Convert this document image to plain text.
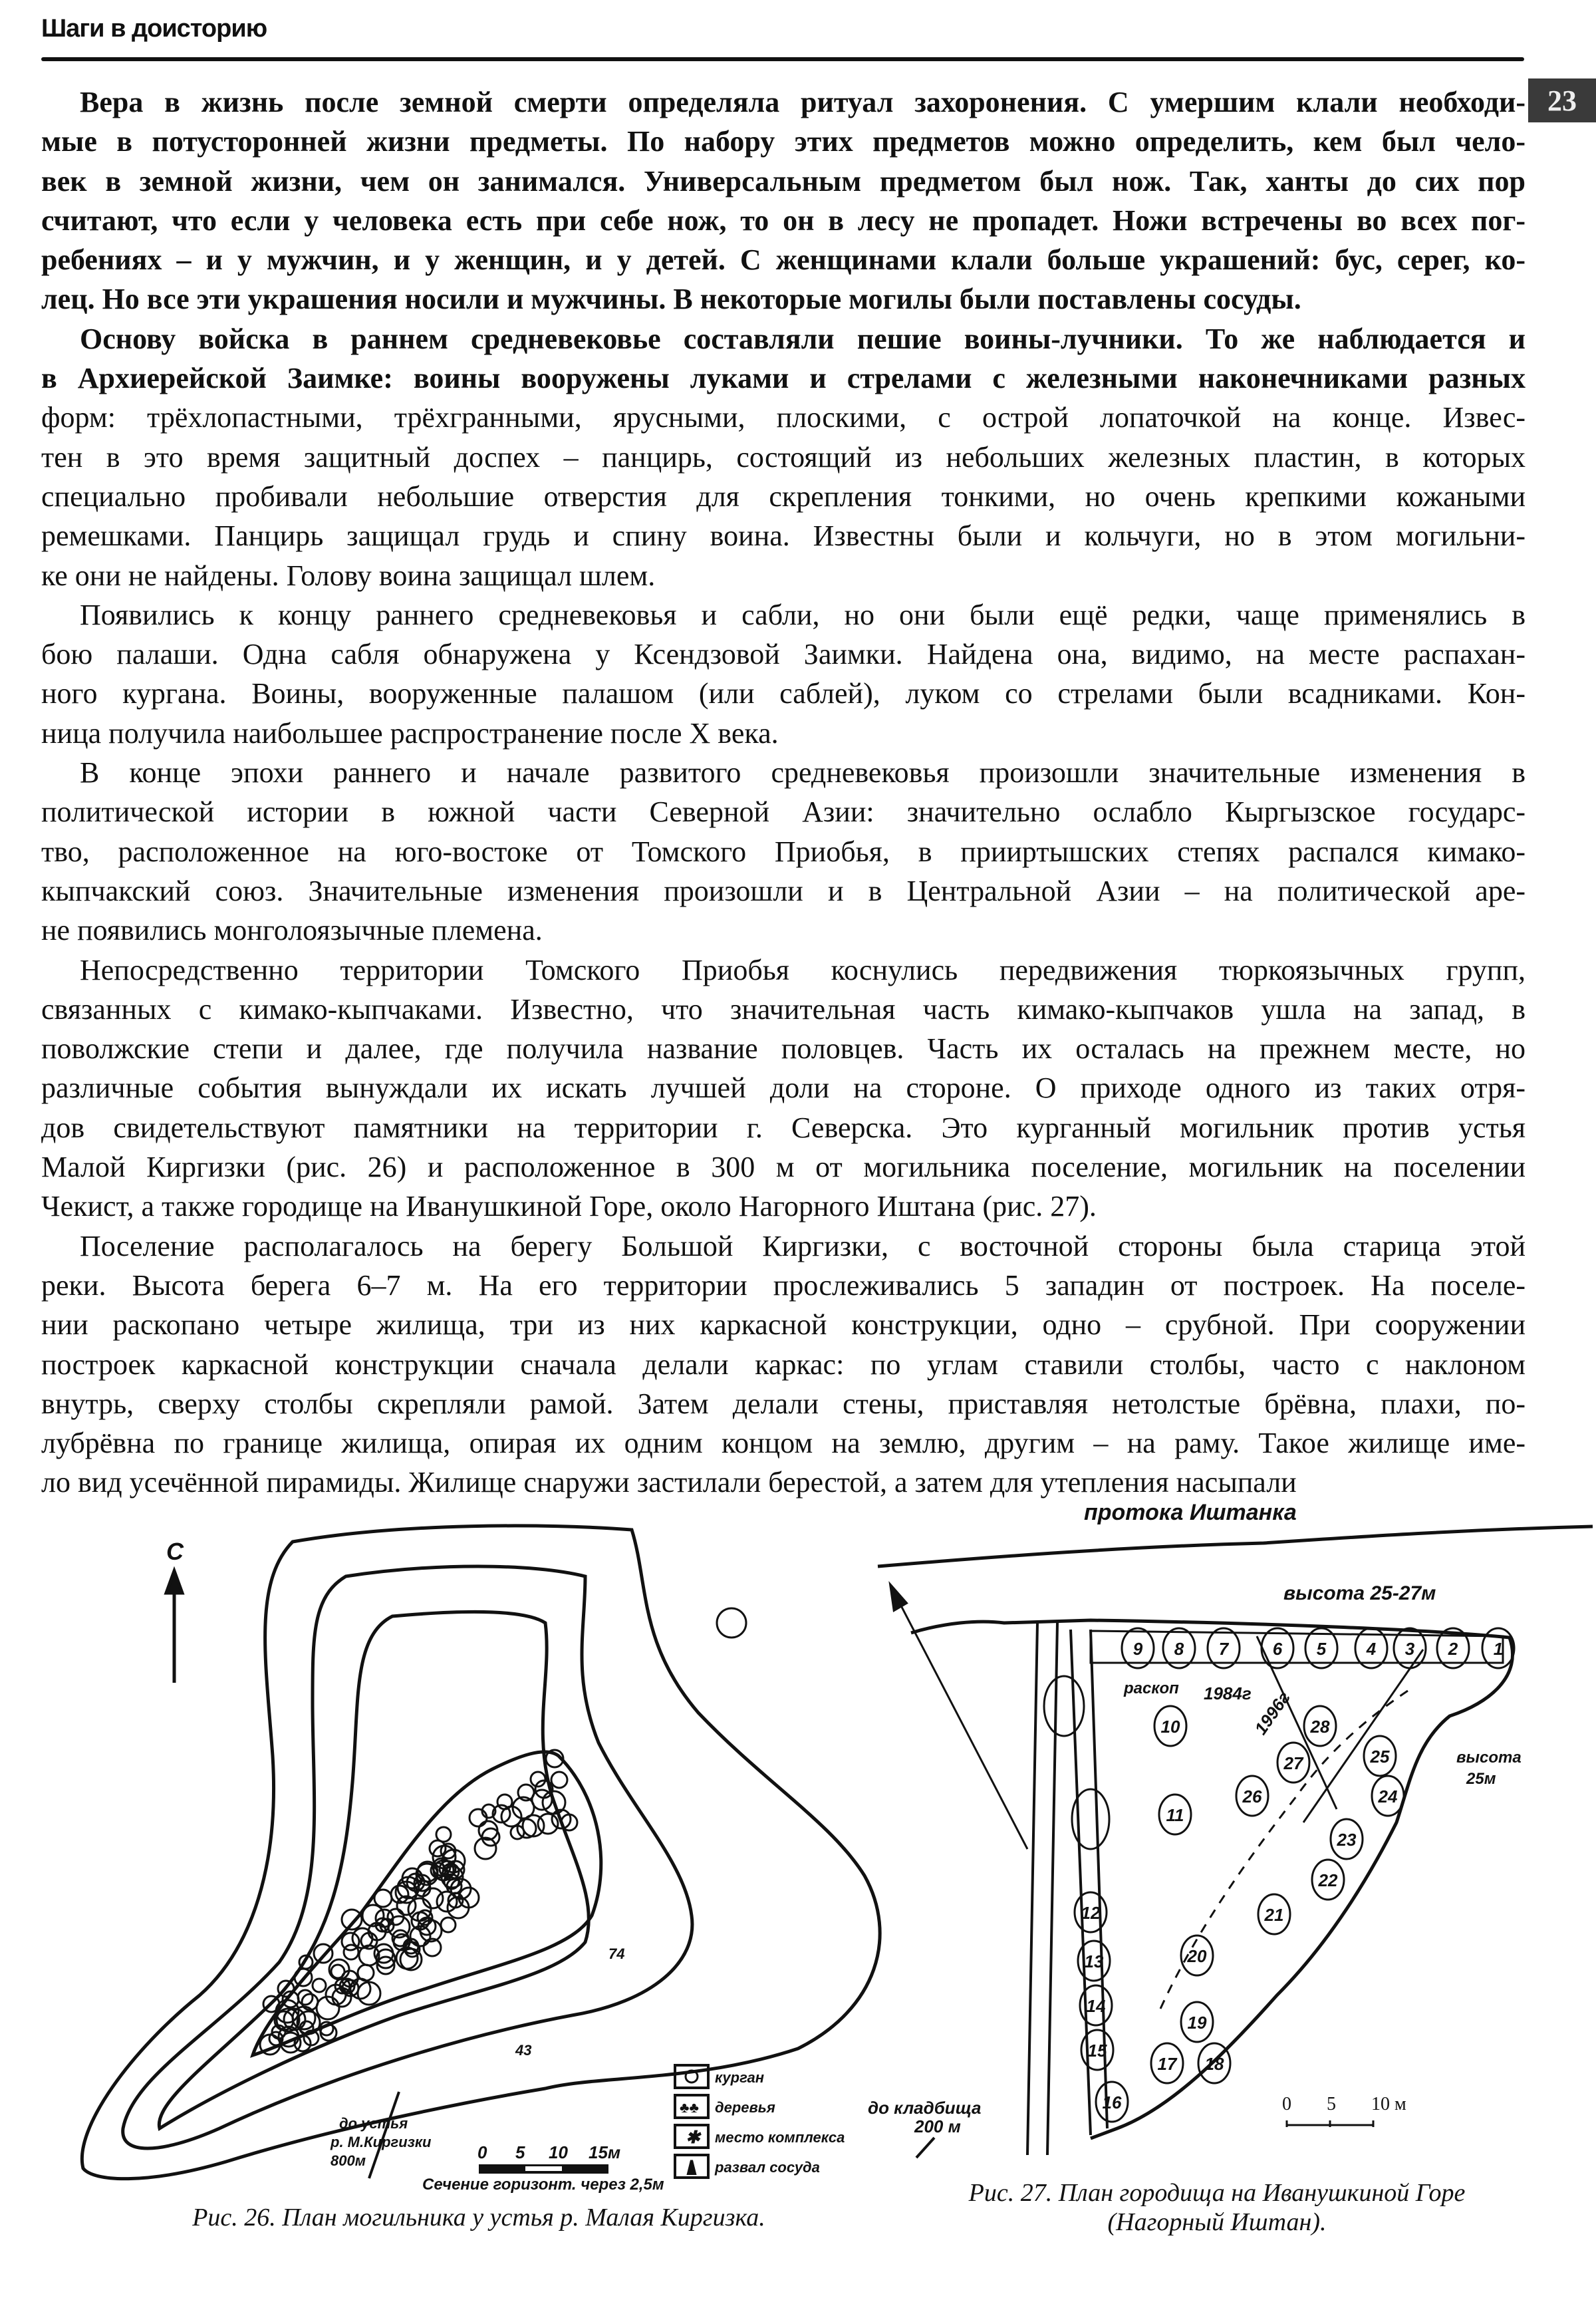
Шаги в доисторию
23
Вера в жизнь после земной смерти определяла ритуал захоронения. С умершим клали необходи-
мые в потусторонней жизни предметы. По набору этих предметов можно определить, кем был чело-
век в земной жизни, чем он занимался. Универсальным предметом был нож. Так, ханты до сих пор
считают, что если у человека есть при себе нож, то он в лесу не пропадет. Ножи встречены во всех пог-
ребениях – и у мужчин, и у женщин, и у детей. С женщинами клали больше украшений: бус, серег, ко-
лец. Но все эти украшения носили и мужчины. В некоторые могилы были поставлены сосуды.
Основу войска в раннем средневековье составляли пешие воины-лучники. То же наблюдается и
в Архиерейской Заимке: воины вооружены луками и стрелами с железными наконечниками разных
форм: трёхлопастными, трёхгранными, ярусными, плоскими, с острой лопаточкой на конце. Извес-
тен в это время защитный доспех – панцирь, состоящий из небольших железных пластин, в которых
специально пробивали небольшие отверстия для скрепления тонкими, но очень крепкими кожаными
ремешками. Панцирь защищал грудь и спину воина. Известны были и кольчуги, но в этом могильни-
ке они не найдены. Голову воина защищал шлем.
Появились к концу раннего средневековья и сабли, но они были ещё редки, чаще применялись в
бою палаши. Одна сабля обнаружена у Ксендзовой Заимки. Найдена она, видимо, на месте распахан-
ного кургана. Воины, вооруженные палашом (или саблей), луком со стрелами были всадниками. Кон-
ница получила наибольшее распространение после X века.
В конце эпохи раннего и начале развитого средневековья произошли значительные изменения в
политической истории в южной части Северной Азии: значительно ослабло Кыргызское государс-
тво, расположенное на юго-востоке от Томского Приобья, в прииртышских степях распался кимако-
кыпчакский союз. Значительные изменения произошли и в Центральной Азии – на политической аре-
не появились монголоязычные племена.
Непосредственно территории Томского Приобья коснулись передвижения тюркоязычных групп,
связанных с кимако-кыпчаками. Известно, что значительная часть кимако-кыпчаков ушла на запад, в
поволжские степи и далее, где получила название половцев. Часть их осталась на прежнем месте, но
различные события вынуждали их искать лучшей доли на стороне. О приходе одного из таких отря-
дов свидетельствуют памятники на территории г. Северска. Это курганный могильник против устья
Малой Киргизки (рис. 26) и расположенное в 300 м от могильника поселение, могильник на поселении
Чекист, а также городище на Иванушкиной Горе, около Нагорного Иштана (рис. 27).
Поселение располагалось на берегу Большой Киргизки, с восточной стороны была старица этой
реки. Высота берега 6–7 м. На его территории прослеживались 5 западин от построек. На поселе-
нии раскопано четыре жилища, три из них каркасной конструкции, одно – срубной. При сооружении
построек каркасной конструкции сначала делали каркас: по углам ставили столбы, часто с наклоном
внутрь, сверху столбы скрепляли рамой. Затем делали стены, приставляя нетолстые брёвна, плахи, по-
лубрёвна по границе жилища, опирая их одним концом на землю, другим – на раму. Такое жилище име-
ло вид усечённой пирамиды. Жилище снаружи застилали берестой, а затем для утепления насыпали
С
74
43
до устья
р. М.Киргизки
800м	0 5 10 15м
Сечение горизонт. через 2,5м
♣♣
✱
курган
деревья
место комплекса
развал сосуда
протока Иштанка
высота 25-27м
раскоп 1984г
1996г
высота
25м
1
2
3
4
5
6
7
8
9
10
11
12
13
14
15
16
17 18
19
20
21
22
23
24
25
26
27
28
до кладбища
200 м
0 5 10 м
Рис. 26. План могильника у устья р. Малая Киргизка.
Рис. 27. План городища на Иванушкиной Горе
(Нагорный Иштан).
